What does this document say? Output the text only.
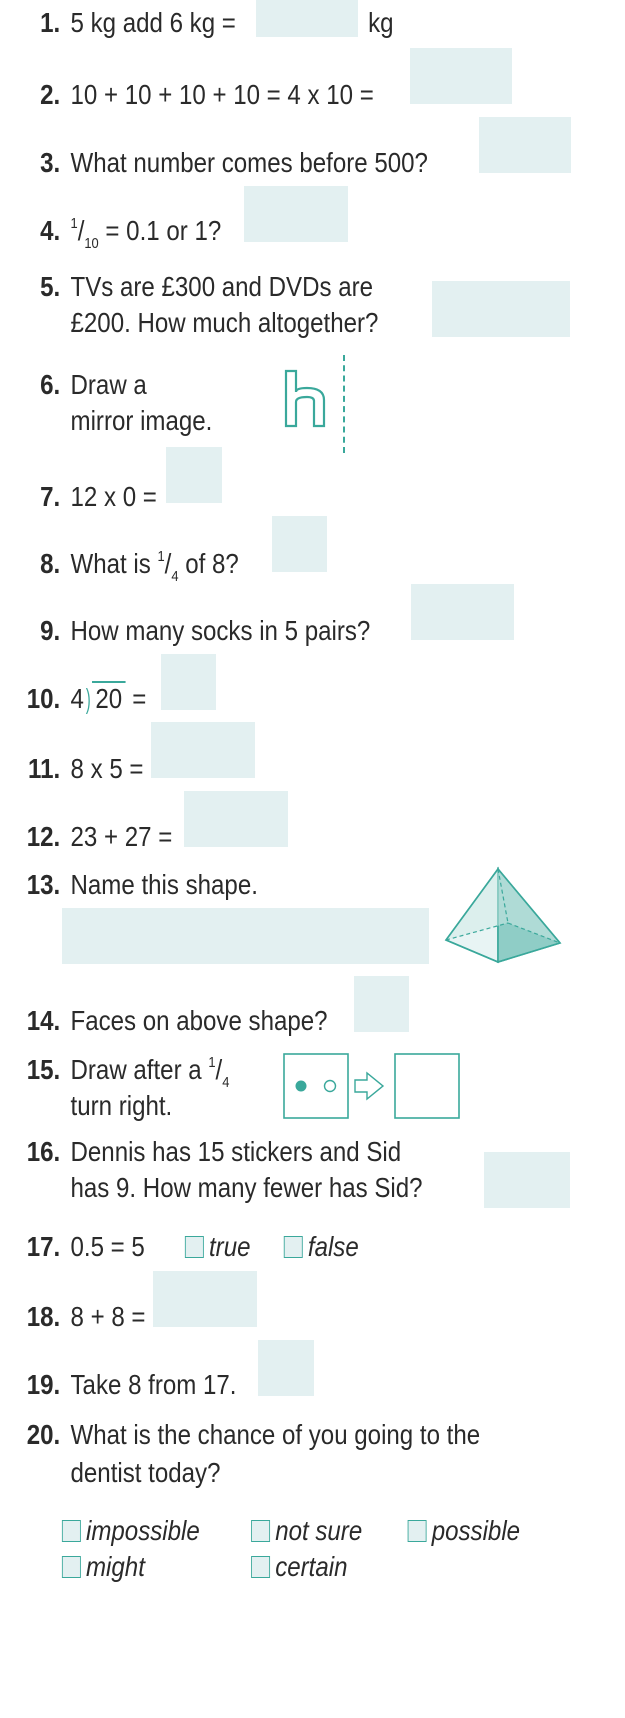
1. 5 kg add 6 kg =	kg
2. 10 + 10 + 10 + 10 = 4 x 10 =
3. What number comes before 500?
4. $^1/_{10} = 0.1$ or 1?
5. TVs are £300 and DVDs are
£200. How much altogether?
6. Draw a
mirror image.
7. 12 x 0 =
8. What is $^1/_4$ of 8?
9. How many socks in 5 pairs?
10. 4) 20 =
11. 8 x 5 =
12. 23 + 27 =
13. Name this shape.
14. Faces on above shape?
15. Draw after a $^1/_4$
turn right.
16. Dennis has 15 stickers and Sid
has 9. How many fewer has Sid?
17. 0.5 = 5	true	false
18. 8 + 8 =
19. Take 8 from 17.
20. What is the chance of you going to the
dentist today?
impossible	not sure	possible
might	certain
